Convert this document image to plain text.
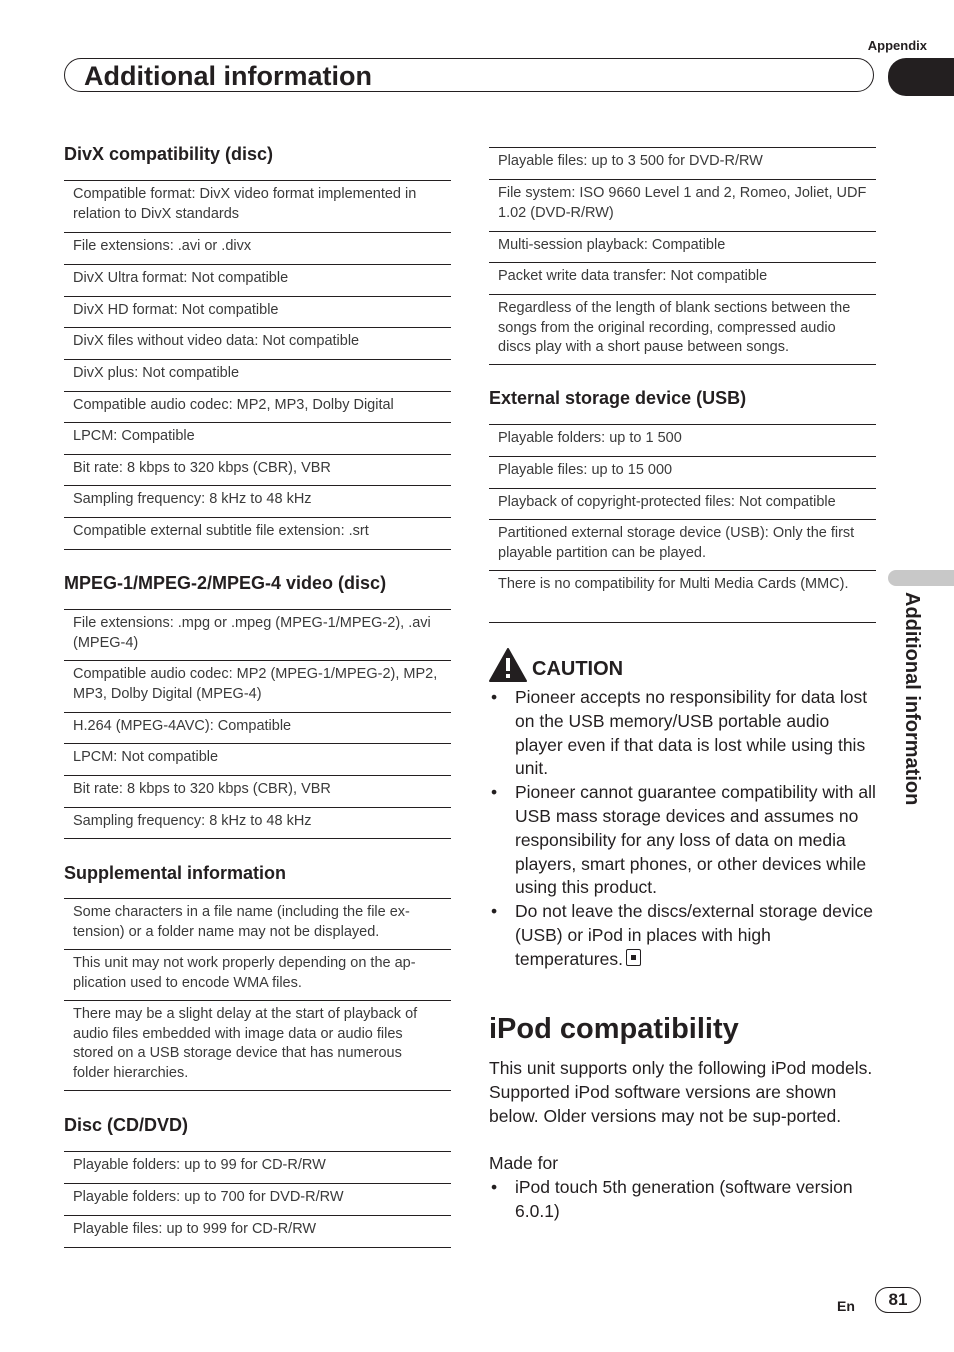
Appendix
Additional information
Additional information
DivX compatibility (disc)
Compatible format: DivX video format implemented in relation to DivX standards
File extensions: .avi or .divx
DivX Ultra format: Not compatible
DivX HD format: Not compatible
DivX files without video data: Not compatible
DivX plus: Not compatible
Compatible audio codec: MP2, MP3, Dolby Digital
LPCM: Compatible
Bit rate: 8 kbps to 320 kbps (CBR), VBR
Sampling frequency: 8 kHz to 48 kHz
Compatible external subtitle file extension: .srt
MPEG-1/MPEG-2/MPEG-4 video (disc)
File extensions: .mpg or .mpeg (MPEG-1/MPEG-2), .avi (MPEG-4)
Compatible audio codec: MP2 (MPEG-1/MPEG-2), MP2, MP3, Dolby Digital (MPEG-4)
H.264 (MPEG-4AVC): Compatible
LPCM: Not compatible
Bit rate: 8 kbps to 320 kbps (CBR), VBR
Sampling frequency: 8 kHz to 48 kHz
Supplemental information
Some characters in a file name (including the file ex-tension) or a folder name may not be displayed.
This unit may not work properly depending on the ap-plication used to encode WMA files.
There may be a slight delay at the start of playback of audio files embedded with image data or audio files stored on a USB storage device that has numerous folder hierarchies.
Disc (CD/DVD)
Playable folders: up to 99 for CD-R/RW
Playable folders: up to 700 for DVD-R/RW
Playable files: up to 999 for CD-R/RW
Playable files: up to 3 500 for DVD-R/RW
File system: ISO 9660 Level 1 and 2, Romeo, Joliet, UDF 1.02 (DVD-R/RW)
Multi-session playback: Compatible
Packet write data transfer: Not compatible
Regardless of the length of blank sections between the songs from the original recording, compressed audio discs play with a short pause between songs.
External storage device (USB)
Playable folders: up to 1 500
Playable files: up to 15 000
Playback of copyright-protected files: Not compatible
Partitioned external storage device (USB): Only the first playable partition can be played.
There is no compatibility for Multi Media Cards (MMC).
CAUTION
• Pioneer accepts no responsibility for data lost on the USB memory/USB portable audio player even if that data is lost while using this unit.
• Pioneer cannot guarantee compatibility with all USB mass storage devices and assumes no responsibility for any loss of data on media players, smart phones, or other devices while using this product.
• Do not leave the discs/external storage device (USB) or iPod in places with high temperatures.
iPod compatibility

This unit supports only the following iPod models. Supported iPod software versions are shown below. Older versions may not be sup-ported.

Made for
• iPod touch 5th generation (software version 6.0.1)
En	81
